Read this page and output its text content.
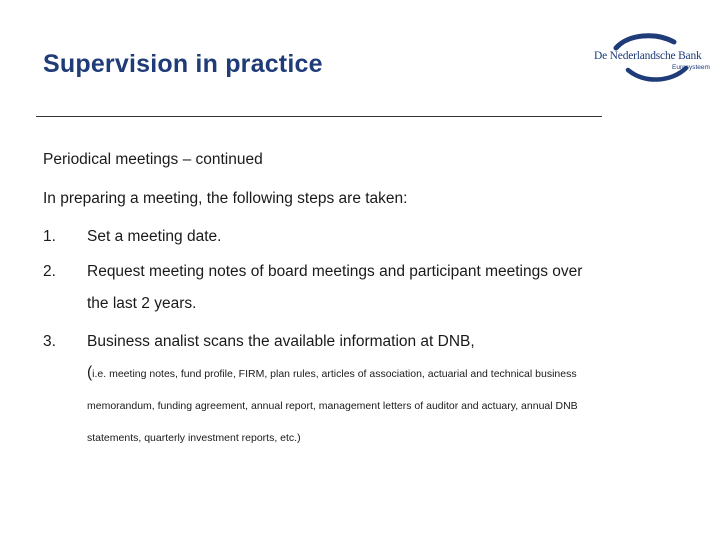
Supervision in practice	De Nederlandsche Bank
Eurosysteem
Periodical meetings – continued
In preparing a meeting, the following steps are taken:
1. Set a meeting date.
2. Request meeting notes of board meetings and participant meetings over
the last 2 years.
3. Business analist scans the available information at DNB,
(i.e. meeting notes, fund profile, FIRM, plan rules, articles of association, actuarial and technical business
memorandum, funding agreement, annual report, management letters of auditor and actuary, annual DNB
statements, quarterly investment reports, etc.)
